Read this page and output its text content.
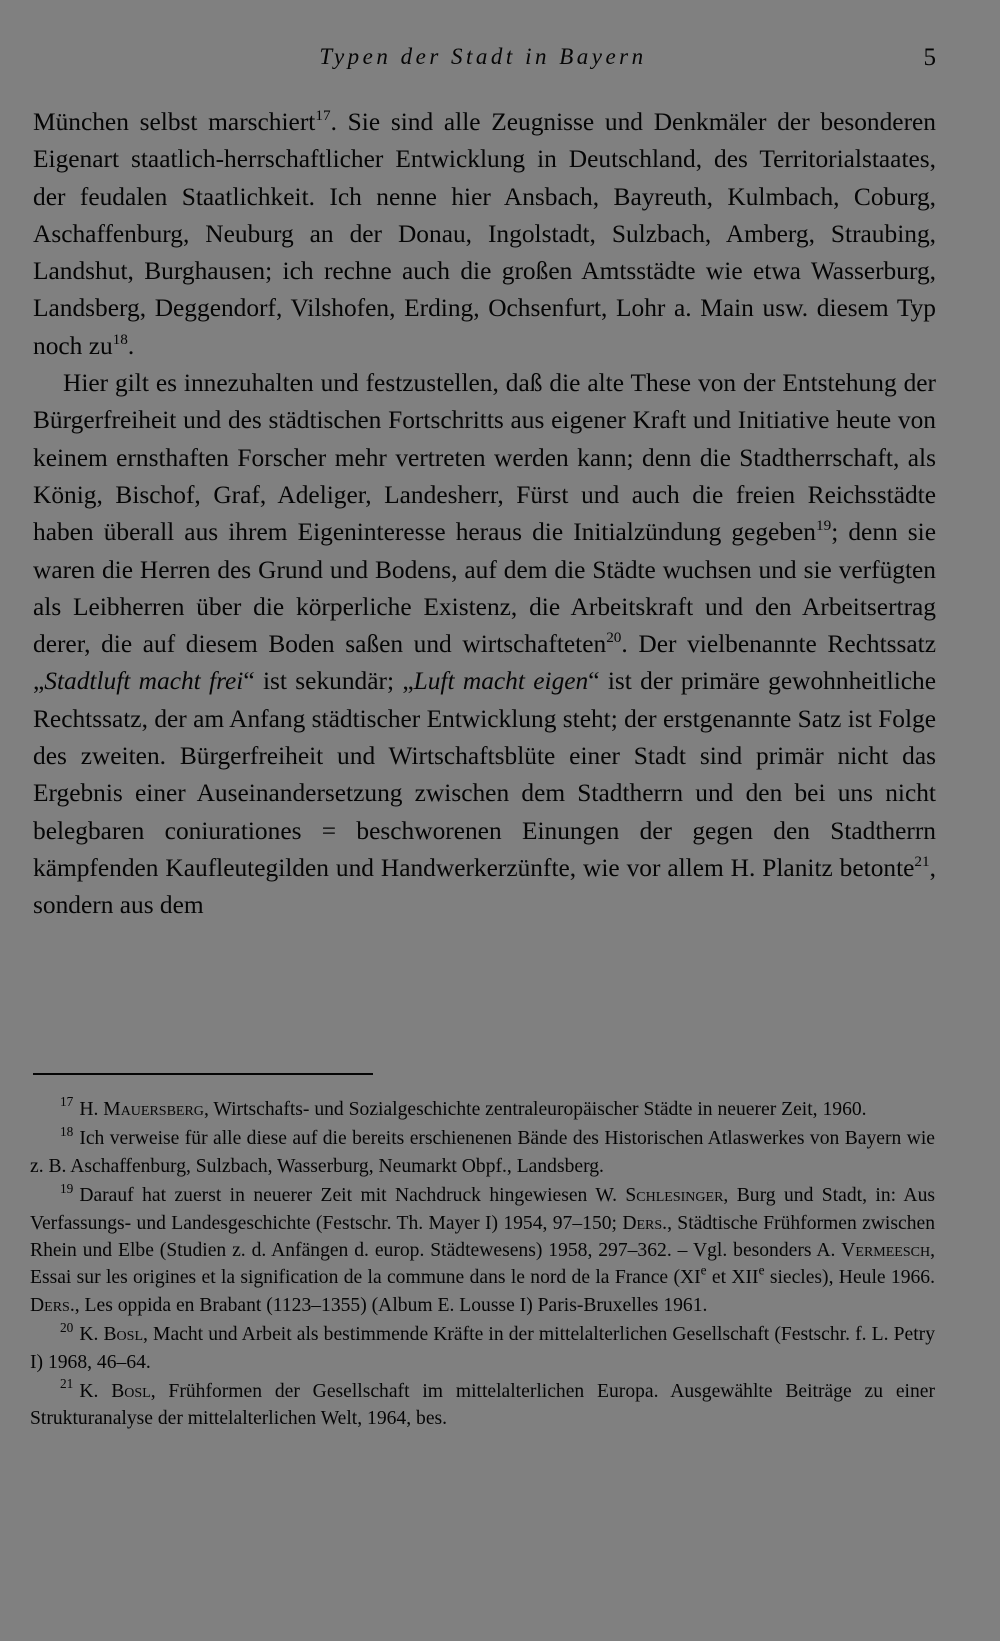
Typen der Stadt in Bayern	5

München selbst marschiert$^{17}$. Sie sind alle Zeugnisse und Denkmäler der besonderen Eigenart staatlich-herrschaftlicher Entwicklung in Deutschland, des Territorialstaates, der feudalen Staatlichkeit. Ich nenne hier Ansbach, Bayreuth, Kulmbach, Coburg, Aschaffenburg, Neuburg an der Donau, Ingolstadt, Sulzbach, Amberg, Straubing, Landshut, Burghausen; ich rechne auch die großen Amtsstädte wie etwa Wasserburg, Landsberg, Deggendorf, Vilshofen, Erding, Ochsenfurt, Lohr a. Main usw. diesem Typ noch $zu^{18}$.

Hier gilt es innezuhalten und festzustellen, daß die alte These von der Entstehung der Bürgerfreiheit und des städtischen Fortschritts aus eigener Kraft und Initiative heute von keinem ernsthaften Forscher mehr vertreten werden kann; denn die Stadtherrschaft, als König, Bischof, Graf, Adeliger, Landesherr, Fürst und auch die freien Reichsstädte haben überall aus ihrem Eigeninteresse heraus die Initialzündung gegeben$^{19}$; denn sie waren die Herren des Grund und Bodens, auf dem die Städte wuchsen und sie verfügten als Leibherren über die körperliche Existenz, die Arbeitskraft und den Arbeitsertrag derer, die auf diesem Boden saßen und wirtschafteten$^{20}$. Der vielbenannte Rechtssatz „Stadtluft macht frei“ ist sekundär; „Luft macht eigen“ ist der primäre gewohnheitliche Rechtssatz, der am Anfang städtischer Entwicklung steht; der erstgenannte Satz ist Folge des zweiten. Bürgerfreiheit und Wirtschaftsblüte einer Stadt sind primär nicht das Ergebnis einer Auseinandersetzung zwischen dem Stadtherrn und den bei uns nicht belegbaren coniurationes = beschworenen Einungen der gegen den Stadtherrn kämpfenden Kaufleutegilden und Handwerkerzünfte, wie vor allem H. Planitz betonte$^{21}$, sondern aus dem

$^{17}$ H. Mauersberg, Wirtschafts- und Sozialgeschichte zentraleuropäischer Städte in neuerer Zeit, 1960.
$^{18}$ Ich verweise für alle diese auf die bereits erschienenen Bände des Historischen Atlaswerkes von Bayern wie z. B. Aschaffenburg, Sulzbach, Wasserburg, Neumarkt Obpf., Landsberg.
$^{19}$ Darauf hat zuerst in neuerer Zeit mit Nachdruck hingewiesen W. Schlesinger, Burg und Stadt, in: Aus Verfassungs- und Landesgeschichte (Festschr. Th. Mayer I) 1954, 97–150; Ders., Städtische Frühformen zwischen Rhein und Elbe (Studien z. d. Anfängen d. europ. Städtewesens) 1958, 297–362. – Vgl. besonders A. Vermeesch, Essai sur les origines et la signification de la commune dans le nord de la France (XIe et XIIe siecles), Heule 1966. Ders., Les oppida en Brabant (1123–1355) (Album E. Lousse I) Paris-Bruxelles 1961.
$^{20}$ K. Bosl, Macht und Arbeit als bestimmende Kräfte in der mittelalterlichen Gesellschaft (Festschr. f. L. Petry I) 1968, 46–64.
$^{21}$ K. Bosl, Frühformen der Gesellschaft im mittelalterlichen Europa. Ausgewählte Beiträge zu einer Strukturanalyse der mittelalterlichen Welt, 1964, bes.
